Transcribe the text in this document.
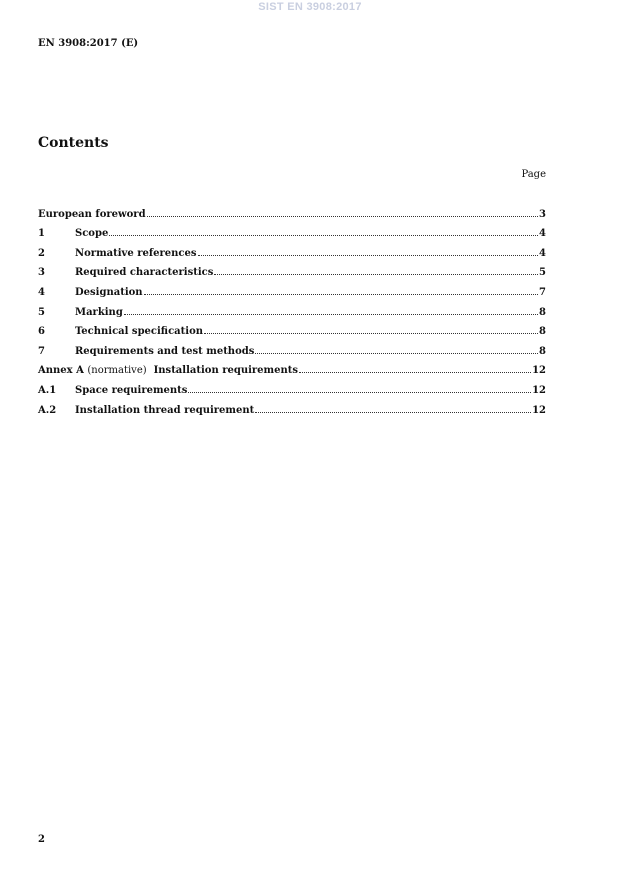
SIST EN 3908:2017
EN 3908:2017 (E)
Contents
Page
European foreword	3
1	Scope	4
2	Normative references	4
3	Required characteristics	5
4	Designation	7
5	Marking	8
6	Technical specification	8
7	Requirements and test methods	8
Annex A (normative) Installation requirements	12
A.1	Space requirements	12
A.2	Installation thread requirement	12
2
